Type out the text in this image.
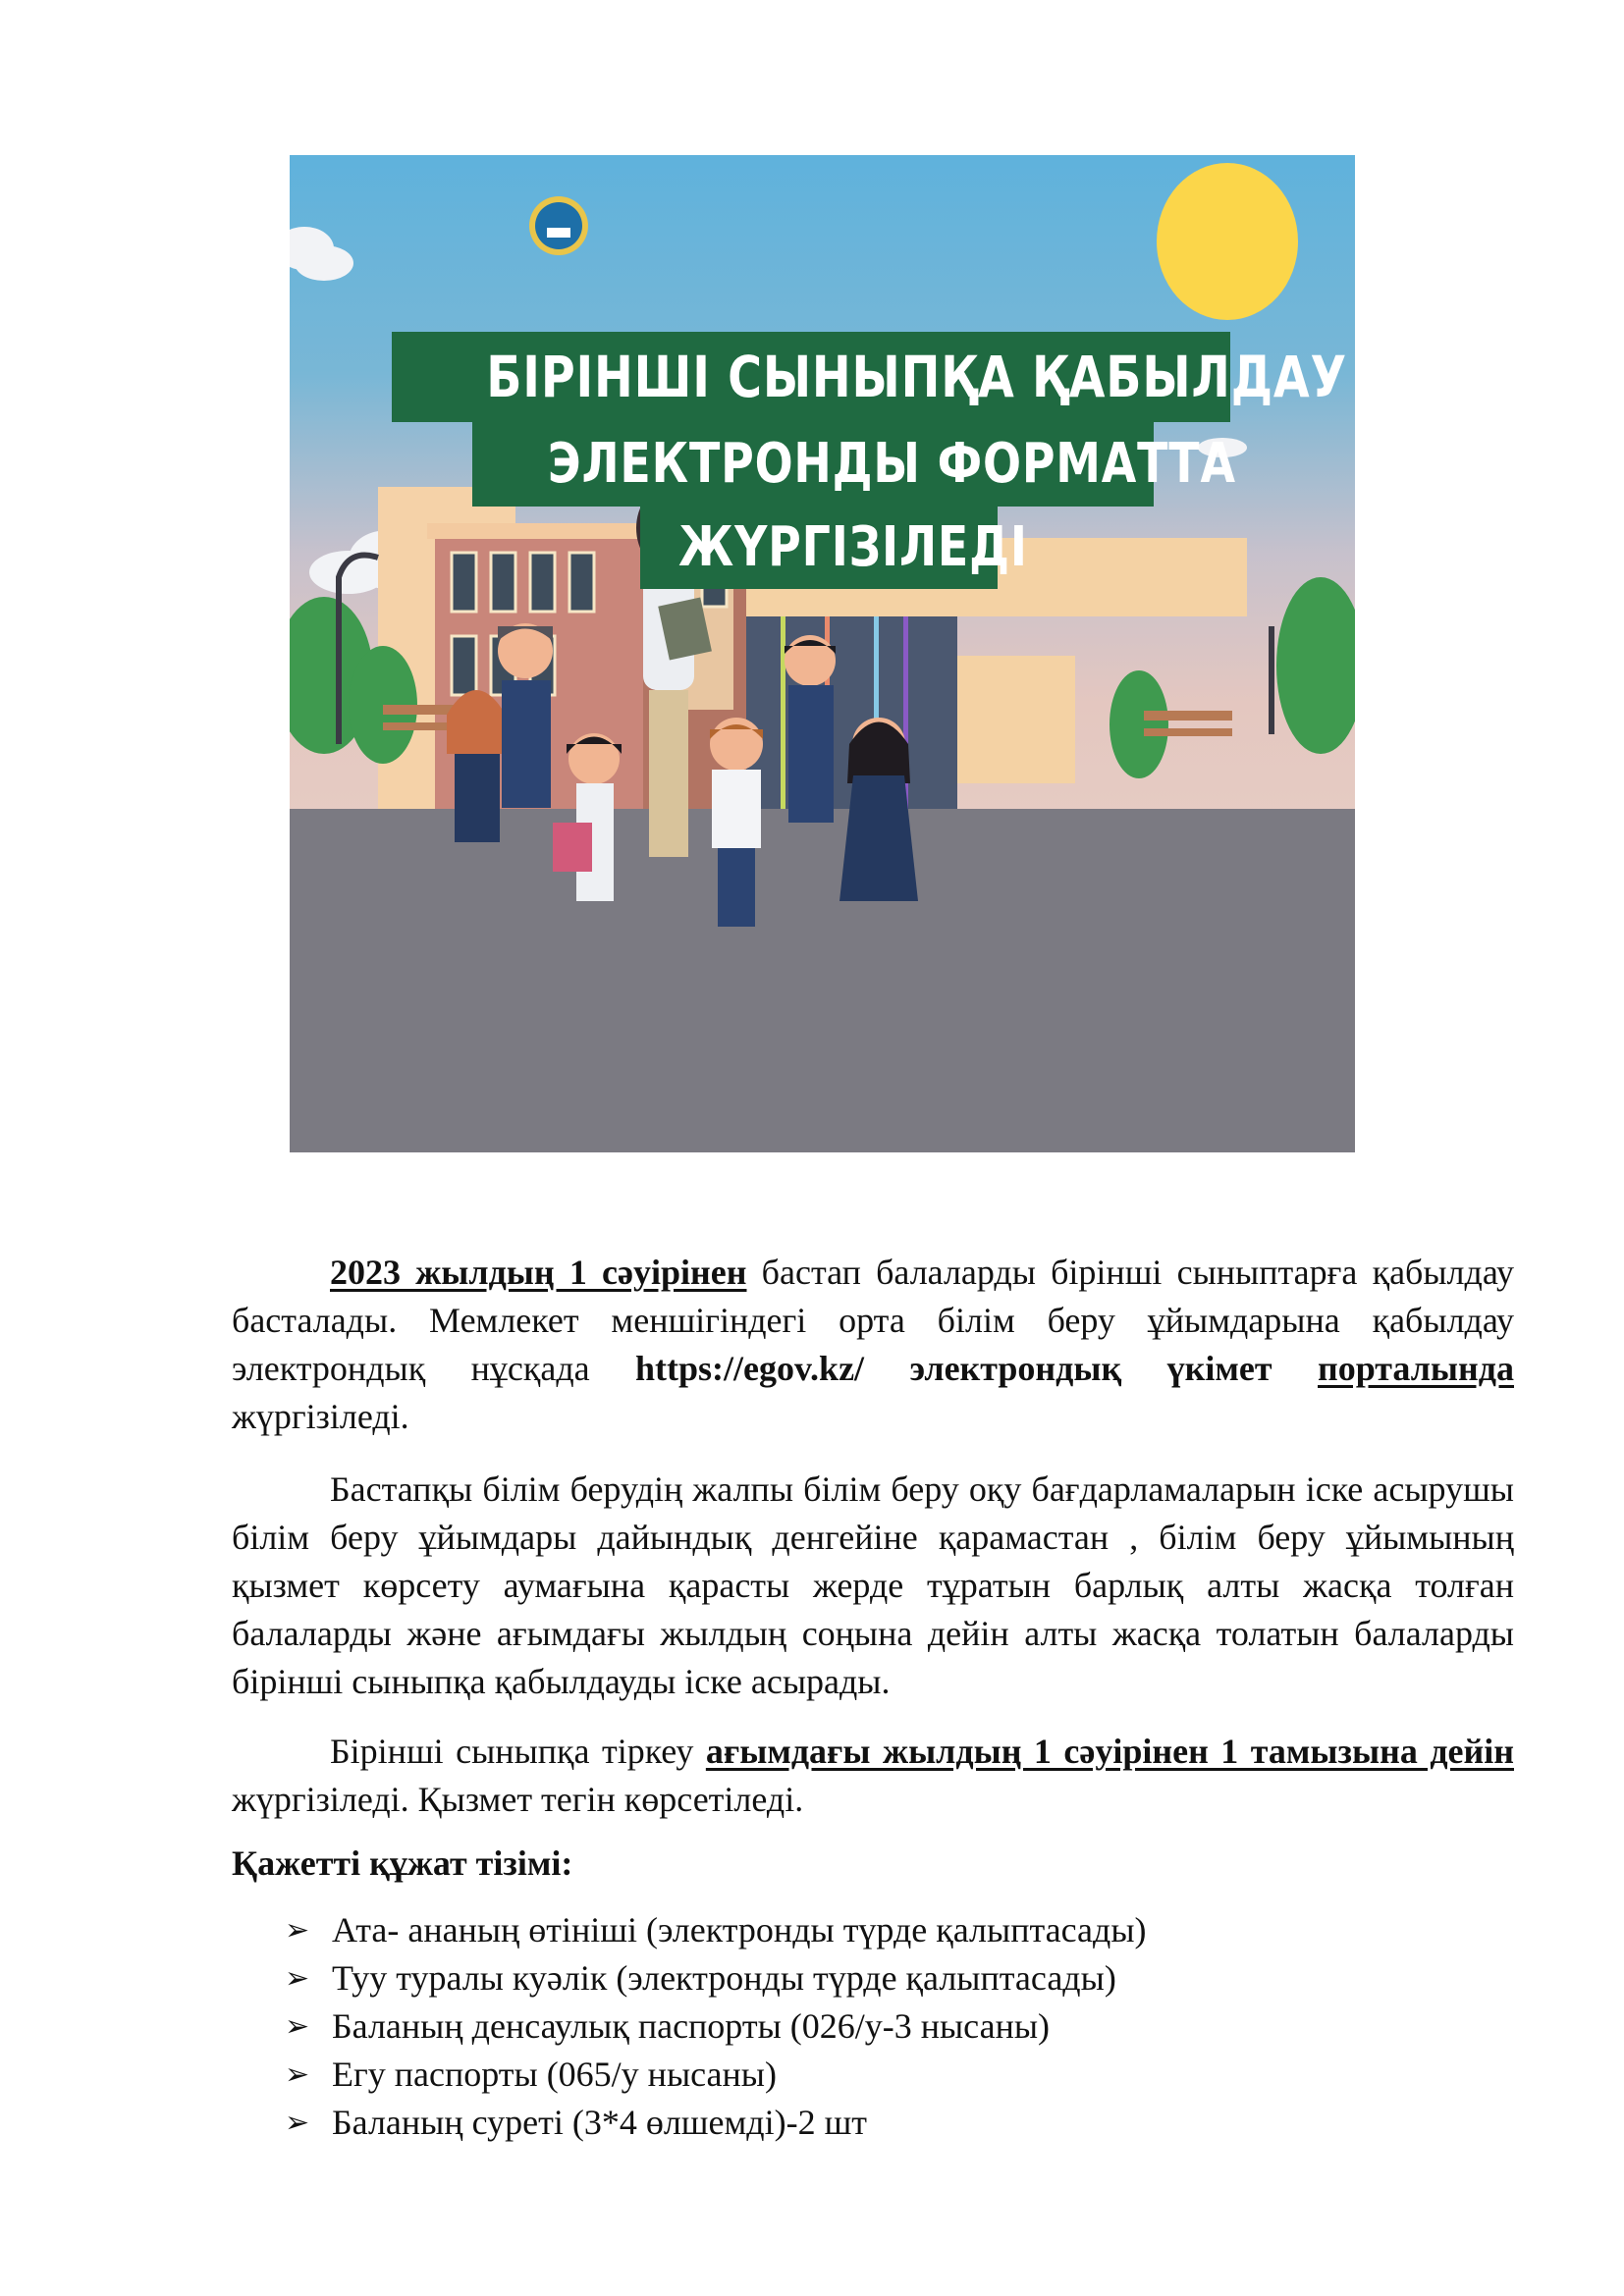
БІРІНШІ СЫНЫПҚА ҚАБЫЛДАУ
ЭЛЕКТРОНДЫ ФОРМАТТА
ЖҮРГІЗІЛЕДІ

2023 жылдың 1 сәуірінен бастап балаларды бірінші сыныптарға қабылдау басталады. Мемлекет меншігіндегі орта білім беру ұйымдарына қабылдау электрондық нұсқада https://egov.kz/ электрондық үкімет порталында жүргізіледі.

Бастапқы білім берудің жалпы білім беру оқу бағдарламаларын іске асырушы білім беру ұйымдары дайындық денгейіне қарамастан , білім беру ұйымының қызмет көрсету аумағына қарасты жерде тұратын барлық алты жасқа толған балаларды және ағымдағы жылдың соңына дейін алты жасқа толатын балаларды бірінші сыныпқа қабылдауды іске асырады.

Бірінші сыныпқа тіркеу ағымдағы жылдың 1 сәуірінен 1 тамызына дейін жүргізіледі. Қызмет тегін көрсетіледі.

Қажетті құжат тізімі:
➢ Ата- ананың өтініші (электронды түрде қалыптасады)
➢ Туу туралы куәлік (электронды түрде қалыптасады)
➢ Баланың денсаулық паспорты (026/у-3 нысаны)
➢ Егу паспорты (065/у нысаны)
➢ Баланың суреті (3*4 өлшемді)-2 шт
